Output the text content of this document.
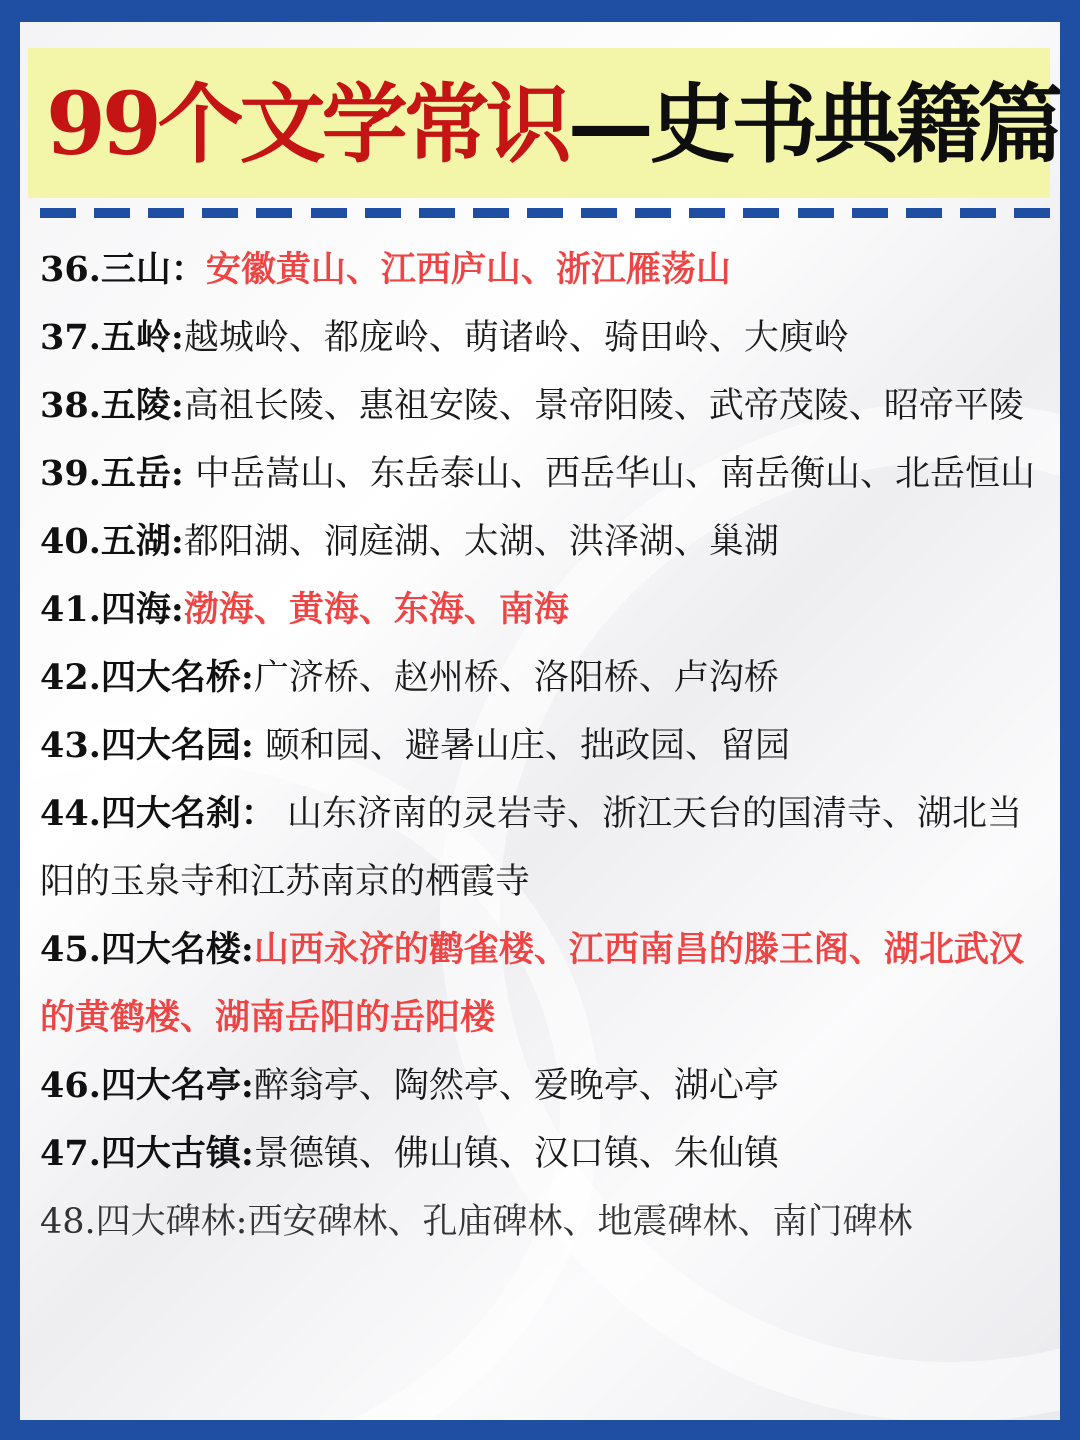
99个文学常识—史书典籍篇

36.三山：安徽黄山、江西庐山、浙江雁荡山

37.五岭:越城岭、都庞岭、萌诸岭、骑田岭、大庾岭

38.五陵:高祖长陵、惠祖安陵、景帝阳陵、武帝茂陵、昭帝平陵

39.五岳: 中岳嵩山、东岳泰山、西岳华山、南岳衡山、北岳恒山

40.五湖:都阳湖、洞庭湖、太湖、洪泽湖、巢湖

41.四海:渤海、黄海、东海、南海

42.四大名桥:广济桥、赵州桥、洛阳桥、卢沟桥

43.四大名园: 颐和园、避暑山庄、拙政园、留园

44.四大名刹： 山东济南的灵岩寺、浙江天台的国清寺、湖北当阳的玉泉寺和江苏南京的栖霞寺

45.四大名楼:山西永济的鹳雀楼、江西南昌的滕王阁、湖北武汉的黄鹤楼、湖南岳阳的岳阳楼

46.四大名亭:醉翁亭、陶然亭、爱晚亭、湖心亭

47.四大古镇:景德镇、佛山镇、汉口镇、朱仙镇

48.四大碑林:西安碑林、孔庙碑林、地震碑林、南门碑林
